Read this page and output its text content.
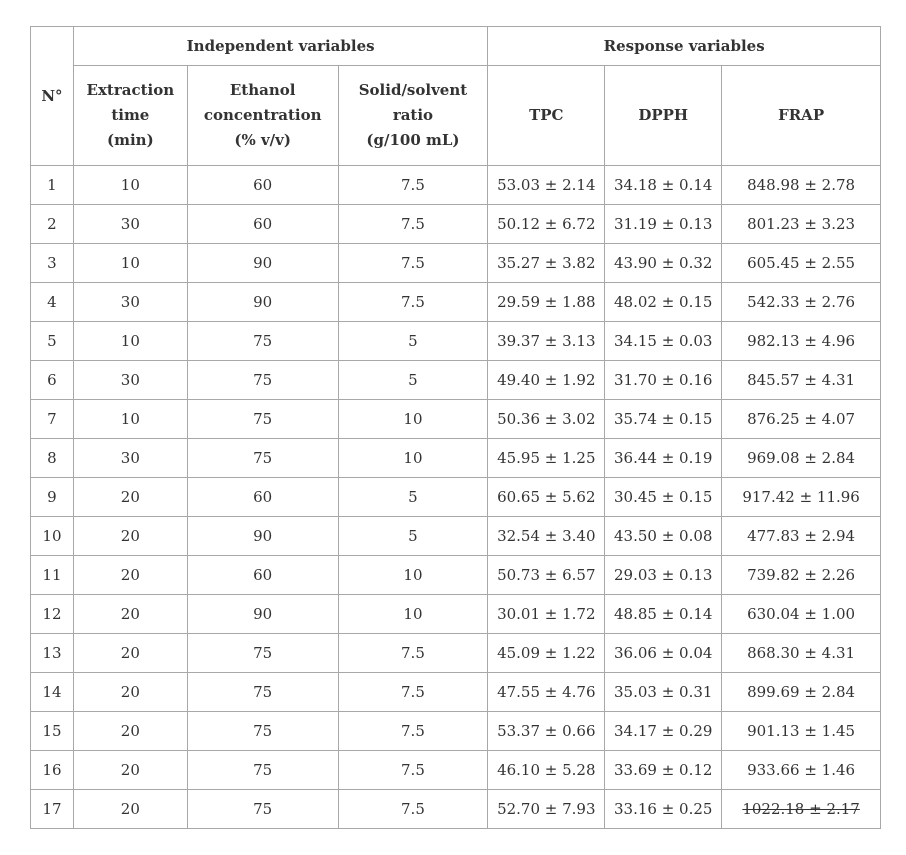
N°	Independent variables			Response variables		
	Extraction
time
(min)	Ethanol
concentration
(% v/v)	Solid/solvent
ratio
(g/100 mL)	TPC	DPPH	FRAP
1	10	60	7.5	53.03 ± 2.14	34.18 ± 0.14	848.98 ± 2.78
2	30	60	7.5	50.12 ± 6.72	31.19 ± 0.13	801.23 ± 3.23
3	10	90	7.5	35.27 ± 3.82	43.90 ± 0.32	605.45 ± 2.55
4	30	90	7.5	29.59 ± 1.88	48.02 ± 0.15	542.33 ± 2.76
5	10	75	5	39.37 ± 3.13	34.15 ± 0.03	982.13 ± 4.96
6	30	75	5	49.40 ± 1.92	31.70 ± 0.16	845.57 ± 4.31
7	10	75	10	50.36 ± 3.02	35.74 ± 0.15	876.25 ± 4.07
8	30	75	10	45.95 ± 1.25	36.44 ± 0.19	969.08 ± 2.84
9	20	60	5	60.65 ± 5.62	30.45 ± 0.15	917.42 ± 11.96
10	20	90	5	32.54 ± 3.40	43.50 ± 0.08	477.83 ± 2.94
11	20	60	10	50.73 ± 6.57	29.03 ± 0.13	739.82 ± 2.26
12	20	90	10	30.01 ± 1.72	48.85 ± 0.14	630.04 ± 1.00
13	20	75	7.5	45.09 ± 1.22	36.06 ± 0.04	868.30 ± 4.31
14	20	75	7.5	47.55 ± 4.76	35.03 ± 0.31	899.69 ± 2.84
15	20	75	7.5	53.37 ± 0.66	34.17 ± 0.29	901.13 ± 1.45
16	20	75	7.5	46.10 ± 5.28	33.69 ± 0.12	933.66 ± 1.46
17	20	75	7.5	52.70 ± 7.93	33.16 ± 0.25	1022.18 ± 2.17
